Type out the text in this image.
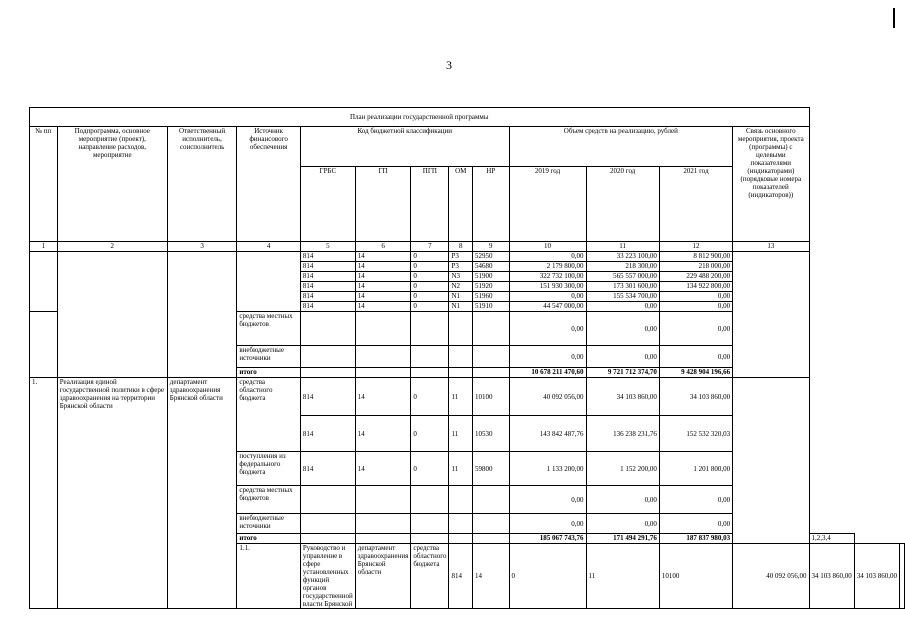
3
План реализации государственной программы															
№ пп	Подпрограмма, основное мероприятие (проект), направление расходов, мероприятие	Ответственный исполнитель, соисполнитель	Источник финансового обеспечения	Код бюджетной классификации					Объем средств на реализацию, рублей			Связь основного мероприятия, проекта (программы) с целевыми показателями (индикаторами) (порядковые номера показателей (индикаторов))			
				ГРБС	ГП	ПГП	ОМ	НР	2019 год	2020 год	2021 год				
1	2	3	4	5	6	7	8	9	10	11	12	13			
				814	14	0	P3	52950	0,00	33 223 100,00	8 812 900,00				
				814	14	0	P3	54680	2 179 800,00	218 300,00	218 000,00				
				814	14	0	N3	51900	322 732 100,00	565 557 000,00	229 488 200,00				
				814	14	0	N2	51920	151 930 300,00	173 301 600,00	134 922 800,00				
				814	14	0	N1	51960	0,00	155 534 700,00	0,00				
				814	14	0	N1	51910	44 547 000,00	0,00	0,00				
			средства местных бюджетов						0,00	0,00	0,00				
			внебюджетные источники						0,00	0,00	0,00				
			итого						10 678 211 470,60	9 721 712 374,70	9 428 904 196,66				
1.	Реализация единой государственной политики в сфере здравоохранения на территории Брянской области	департамент здравоохранения Брянской области	средства областного бюджета	814	14	0	11	10100	40 092 056,00	34 103 860,00	34 103 860,00				
				814	14	0	11	10530	143 842 487,76	136 238 231,76	152 532 320,03				
			поступления из федерального бюджета	814	14	0	11	59800	1 133 200,00	1 152 200,00	1 201 800,00				
			средства местных бюджетов						0,00	0,00	0,00				
			внебюджетные источники						0,00	0,00	0,00				
			итого						185 067 743,76	171 494 291,76	187 837 980,03		1,2,3,4		
			1.1.	Руководство и управление в сфере установленных функций органов государственной власти Брянской	департамент здравоохранения Брянской области	средства областного бюджета	814	14	0	11	10100	40 092 056,00	34 103 860,00	34 103 860,00	
